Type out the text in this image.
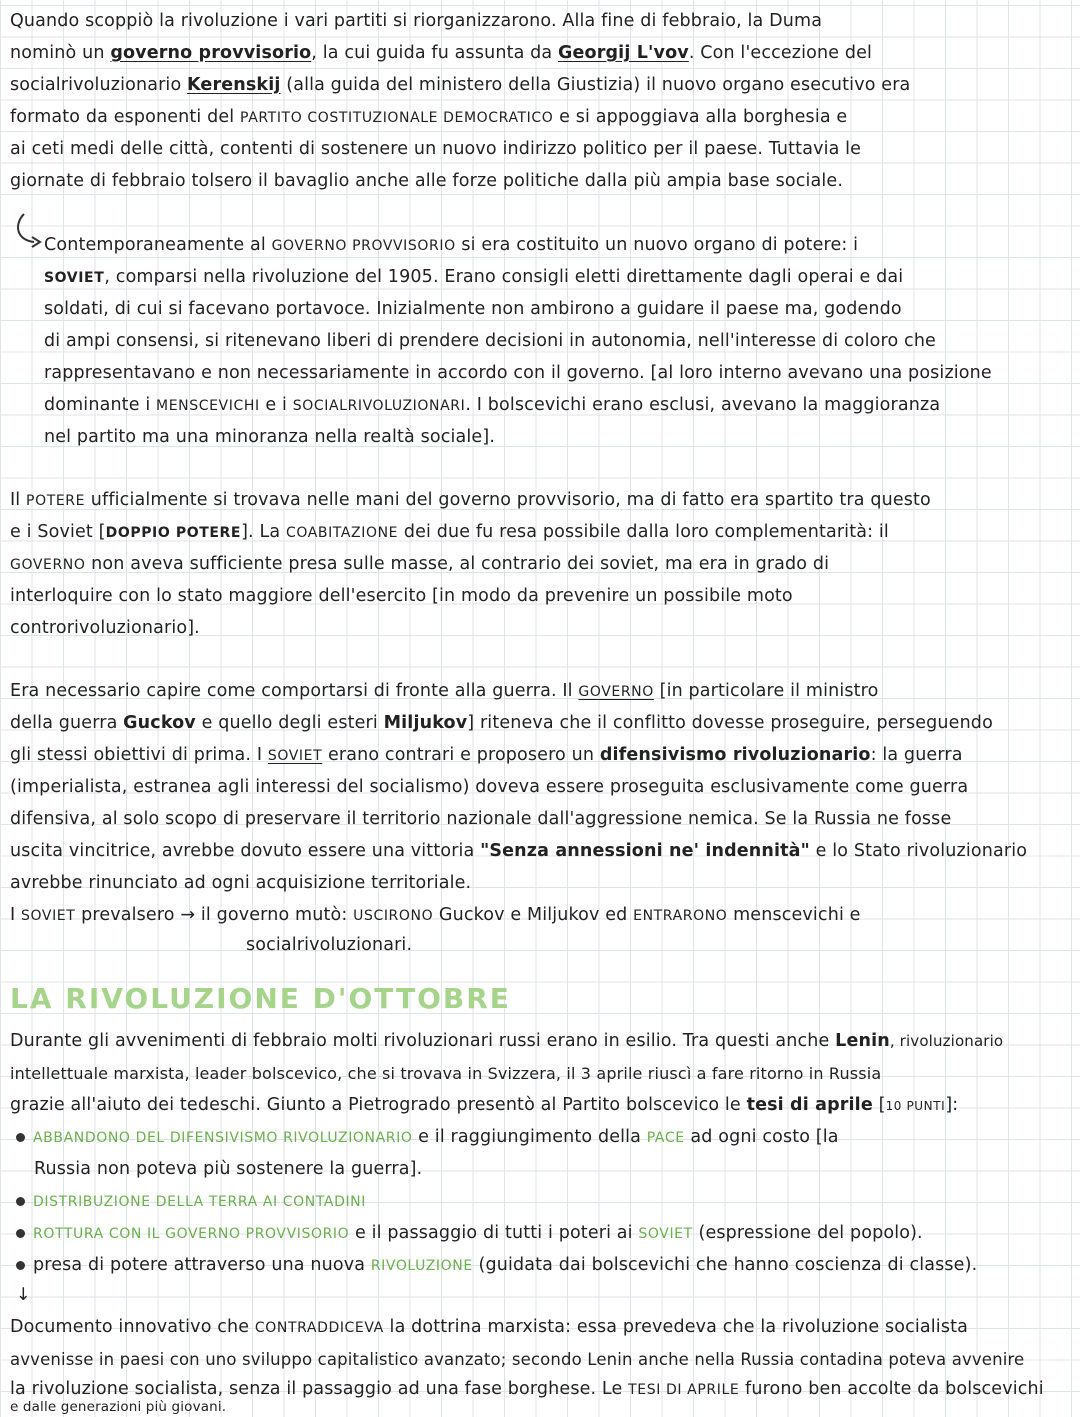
Quando scoppiò la rivoluzione i vari partiti si riorganizzarono. Alla fine di febbraio, la Duma
nominò un governo provvisorio, la cui guida fu assunta da Georgij L'vov. Con l'eccezione del
socialrivoluzionario Kerenskij (alla guida del ministero della Giustizia) il nuovo organo esecutivo era
formato da esponenti del PARTITO COSTITUZIONALE DEMOCRATICO e si appoggiava alla borghesia e
ai ceti medi delle città, contenti di sostenere un nuovo indirizzo politico per il paese. Tuttavia le
giornate di febbraio tolsero il bavaglio anche alle forze politiche dalla più ampia base sociale.
Contemporaneamente al GOVERNO PROVVISORIO si era costituito un nuovo organo di potere: i
SOVIET, comparsi nella rivoluzione del 1905. Erano consigli eletti direttamente dagli operai e dai
soldati, di cui si facevano portavoce. Inizialmente non ambirono a guidare il paese ma, godendo
di ampi consensi, si ritenevano liberi di prendere decisioni in autonomia, nell'interesse di coloro che
rappresentavano e non necessariamente in accordo con il governo. [al loro interno avevano una posizione
dominante i MENSCEVICHI e i SOCIALRIVOLUZIONARI. I bolscevichi erano esclusi, avevano la maggioranza
nel partito ma una minoranza nella realtà sociale].
Il POTERE ufficialmente si trovava nelle mani del governo provvisorio, ma di fatto era spartito tra questo
e i Soviet [DOPPIO POTERE]. La COABITAZIONE dei due fu resa possibile dalla loro complementarità: il
GOVERNO non aveva sufficiente presa sulle masse, al contrario dei soviet, ma era in grado di
interloquire con lo stato maggiore dell'esercito [in modo da prevenire un possibile moto
controrivoluzionario].
Era necessario capire come comportarsi di fronte alla guerra. Il GOVERNO [in particolare il ministro
della guerra Guckov e quello degli esteri Miljukov] riteneva che il conflitto dovesse proseguire, perseguendo
gli stessi obiettivi di prima. I SOVIET erano contrari e proposero un difensivismo rivoluzionario: la guerra
(imperialista, estranea agli interessi del socialismo) doveva essere proseguita esclusivamente come guerra
difensiva, al solo scopo di preservare il territorio nazionale dall'aggressione nemica. Se la Russia ne fosse
uscita vincitrice, avrebbe dovuto essere una vittoria "Senza annessioni ne' indennità" e lo Stato rivoluzionario
avrebbe rinunciato ad ogni acquisizione territoriale.
I SOVIET prevalsero → il governo mutò: USCIRONO Guckov e Miljukov ed ENTRARONO menscevichi e
socialrivoluzionari.
LA RIVOLUZIONE D'OTTOBRE
Durante gli avvenimenti di febbraio molti rivoluzionari russi erano in esilio. Tra questi anche Lenin, rivoluzionario
intellettuale marxista, leader bolscevico, che si trovava in Svizzera, il 3 aprile riuscì a fare ritorno in Russia
grazie all'aiuto dei tedeschi. Giunto a Pietrogrado presentò al Partito bolscevico le tesi di aprile [10 PUNTI]:
ABBANDONO DEL DIFENSIVISMO RIVOLUZIONARIO e il raggiungimento della PACE ad ogni costo [la
Russia non poteva più sostenere la guerra].
DISTRIBUZIONE DELLA TERRA AI CONTADINI
ROTTURA CON IL GOVERNO PROVVISORIO e il passaggio di tutti i poteri ai SOVIET (espressione del popolo).
presa di potere attraverso una nuova RIVOLUZIONE (guidata dai bolscevichi che hanno coscienza di classe).
↓
Documento innovativo che CONTRADDICEVA la dottrina marxista: essa prevedeva che la rivoluzione socialista
avvenisse in paesi con uno sviluppo capitalistico avanzato; secondo Lenin anche nella Russia contadina poteva avvenire
la rivoluzione socialista, senza il passaggio ad una fase borghese. Le TESI DI APRILE furono ben accolte da bolscevichi
e dalle generazioni più giovani.
